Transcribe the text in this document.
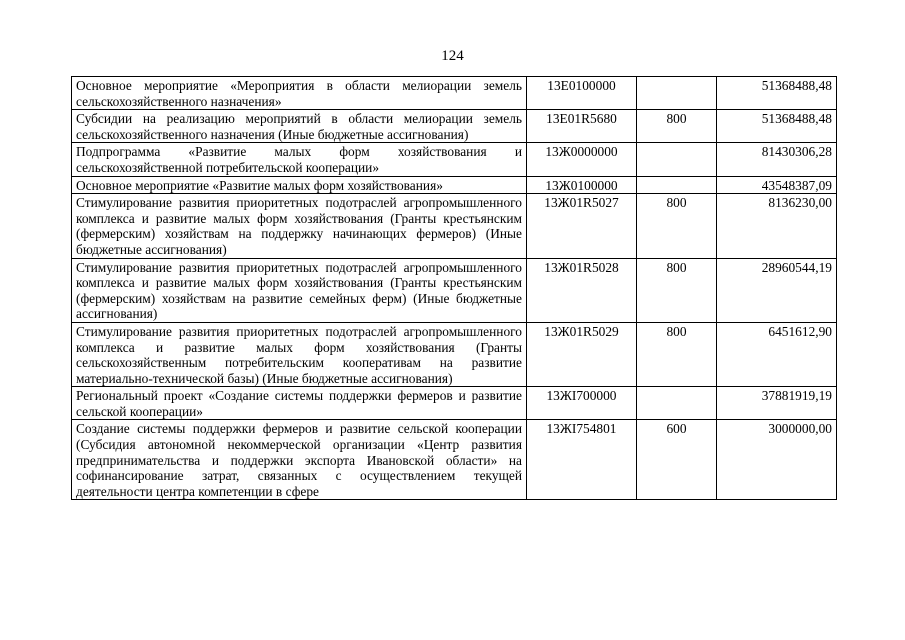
124
Основное мероприятие «Мероприятия в области мелиорации земель сельскохозяйственного назначения»	13Е0100000		51368488,48
Субсидии на реализацию мероприятий в области мелиорации земель сельскохозяйственного назначения (Иные бюджетные ассигнования)	13Е01R5680	800	51368488,48
Подпрограмма «Развитие малых форм хозяйствования и сельскохозяйственной потребительской кооперации»	13Ж0000000		81430306,28
Основное мероприятие «Развитие малых форм хозяйствования»	13Ж0100000		43548387,09
Стимулирование развития приоритетных подотраслей агропромышленного комплекса и развитие малых форм хозяйствования (Гранты крестьянским (фермерским) хозяйствам на поддержку начинающих фермеров) (Иные бюджетные ассигнования)	13Ж01R5027	800	8136230,00
Стимулирование развития приоритетных подотраслей агропромышленного комплекса и развитие малых форм хозяйствования (Гранты крестьянским (фермерским) хозяйствам на развитие семейных ферм) (Иные бюджетные ассигнования)	13Ж01R5028	800	28960544,19
Стимулирование развития приоритетных подотраслей агропромышленного комплекса и развитие малых форм хозяйствования (Гранты сельскохозяйственным потребительским кооперативам на развитие материально-технической базы) (Иные бюджетные ассигнования)	13Ж01R5029	800	6451612,90
Региональный проект «Создание системы поддержки фермеров и развитие сельской кооперации»	13ЖI700000		37881919,19
Создание системы поддержки фермеров и развитие сельской кооперации (Субсидия автономной некоммерческой организации «Центр развития предпринимательства и поддержки экспорта Ивановской области» на софинансирование затрат, связанных с осуществлением текущей деятельности центра компетенции в сфере	13ЖI754801	600	3000000,00
